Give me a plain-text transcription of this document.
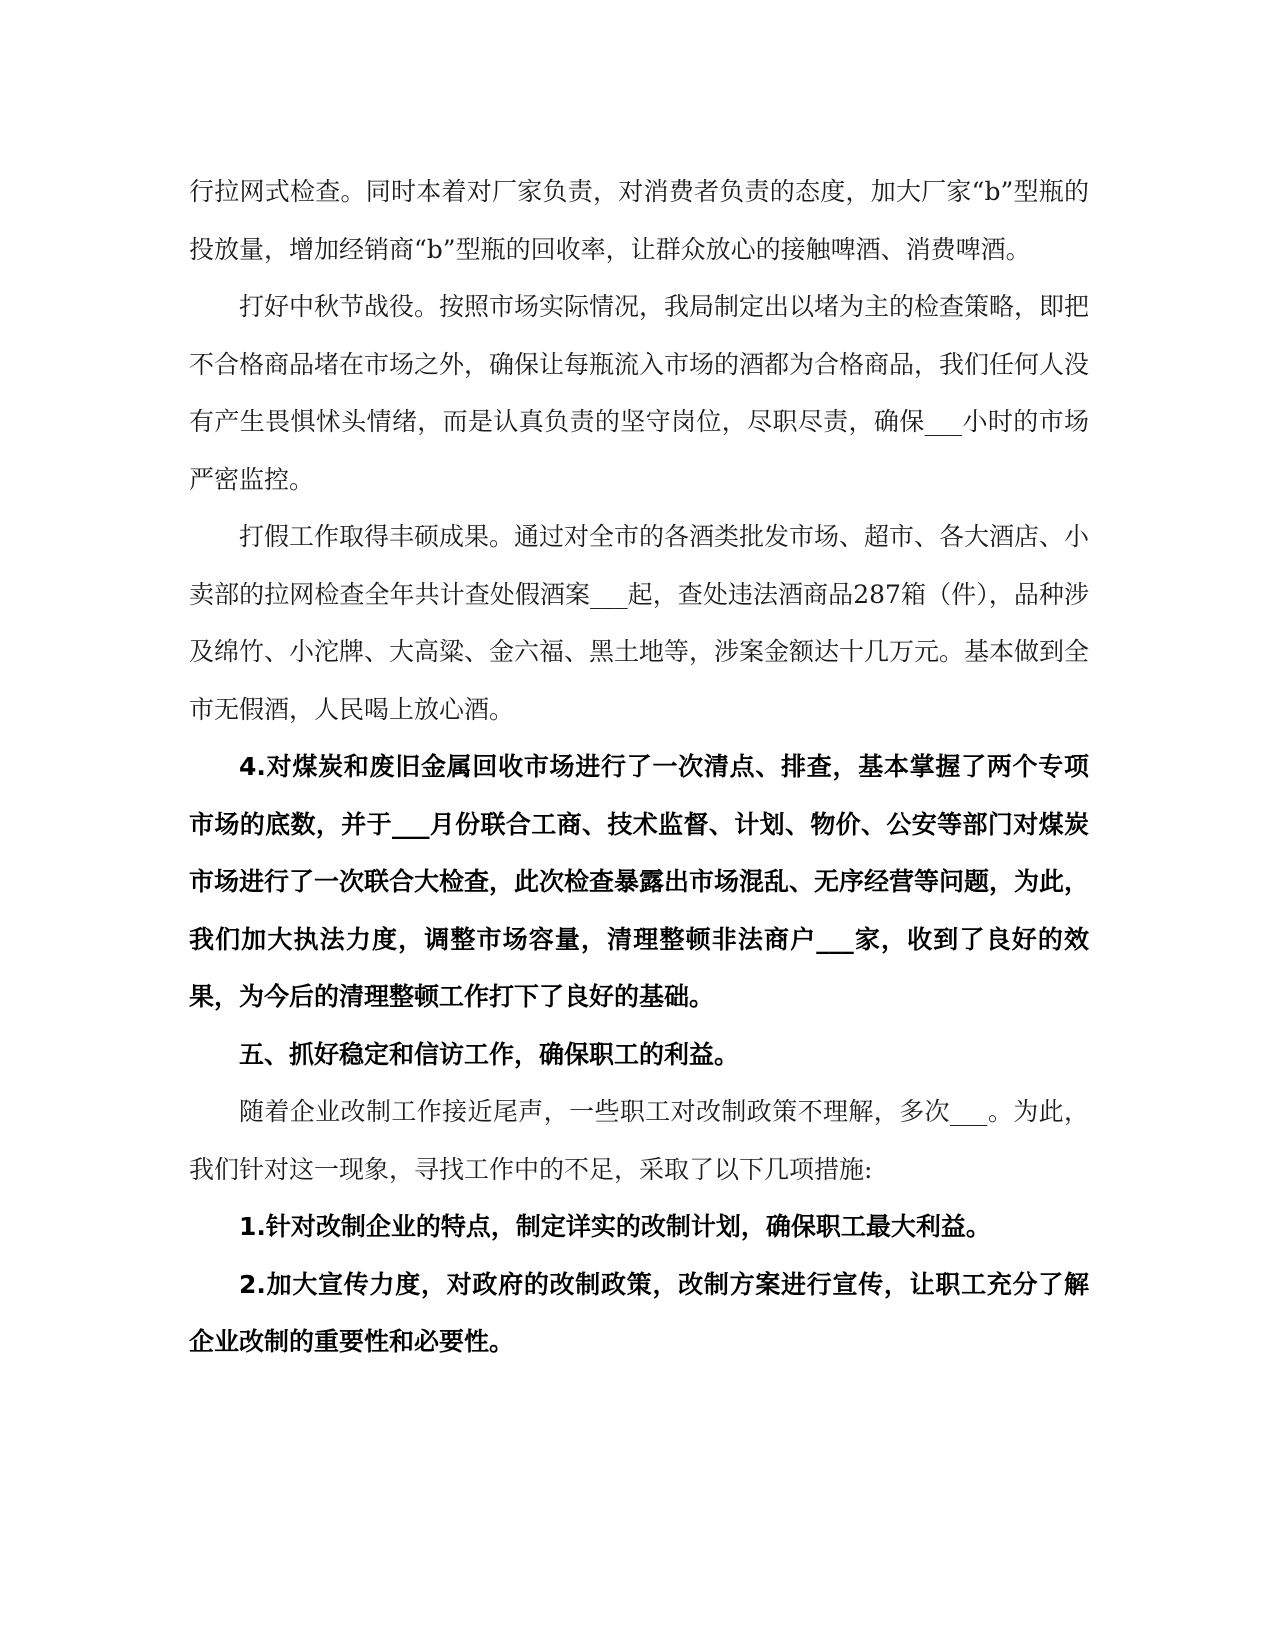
行拉网式检查。同时本着对厂家负责，对消费者负责的态度，加大厂家“b”型瓶的投放量，增加经销商“b”型瓶的回收率，让群众放心的接触啤酒、消费啤酒。

打好中秋节战役。按照市场实际情况，我局制定出以堵为主的检查策略，即把不合格商品堵在市场之外，确保让每瓶流入市场的酒都为合格商品，我们任何人没有产生畏惧怵头情绪，而是认真负责的坚守岗位，尽职尽责，确保___小时的市场严密监控。

打假工作取得丰硕成果。通过对全市的各酒类批发市场、超市、各大酒店、小卖部的拉网检查全年共计查处假酒案___起，查处违法酒商品287箱（件），品种涉及绵竹、小沱牌、大高粱、金六福、黑土地等，涉案金额达十几万元。基本做到全市无假酒，人民喝上放心酒。

4.对煤炭和废旧金属回收市场进行了一次清点、排查，基本掌握了两个专项市场的底数，并于___月份联合工商、技术监督、计划、物价、公安等部门对煤炭市场进行了一次联合大检查，此次检查暴露出市场混乱、无序经营等问题，为此，我们加大执法力度，调整市场容量，清理整顿非法商户___家，收到了良好的效果，为今后的清理整顿工作打下了良好的基础。

五、抓好稳定和信访工作，确保职工的利益。

随着企业改制工作接近尾声，一些职工对改制政策不理解，多次___。为此，我们针对这一现象，寻找工作中的不足，采取了以下几项措施:

1.针对改制企业的特点，制定详实的改制计划，确保职工最大利益。

2.加大宣传力度，对政府的改制政策，改制方案进行宣传，让职工充分了解企业改制的重要性和必要性。
